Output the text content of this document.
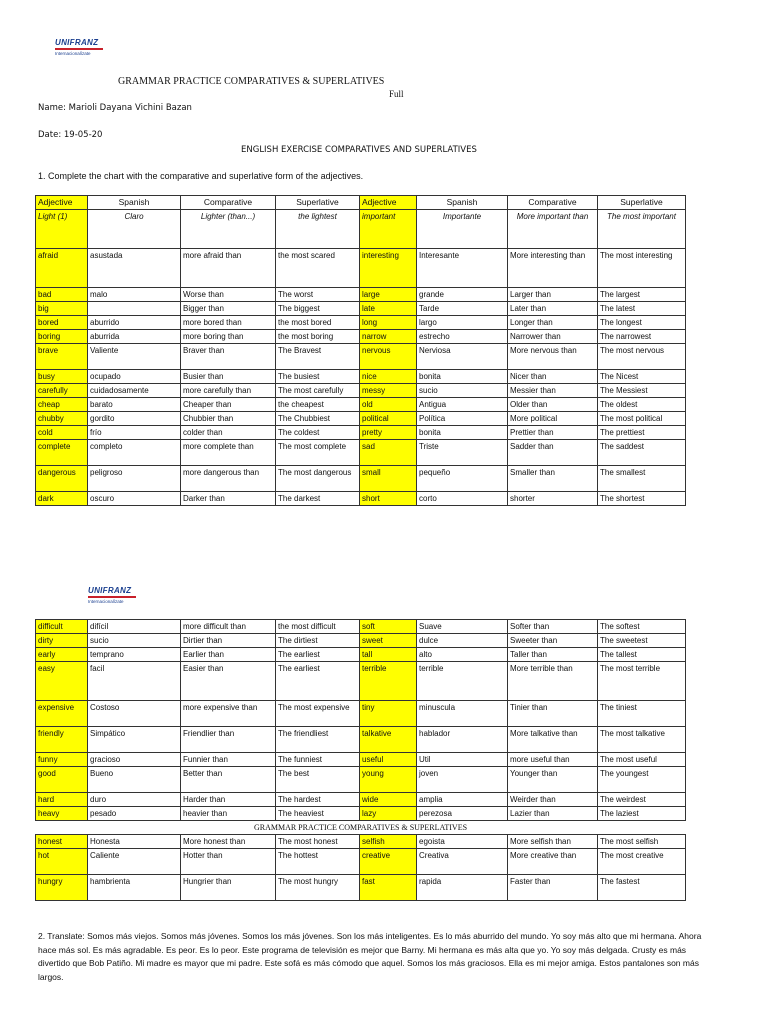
UNIFRANZ
Internacionalízate
GRAMMAR PRACTICE COMPARATIVES & SUPERLATIVES
Full
Name: Marioli Dayana Vichini Bazan
Date: 19-05-20
ENGLISH EXERCISE COMPARATIVES AND SUPERLATIVES
1. Complete the chart with the comparative and superlative form of the adjectives.
Adjective	Spanish	Comparative	Superlative	Adjective	Spanish	Comparative	Superlative
Light (1)	Claro	Lighter (than...)	the lightest	important	Importante	More important than	The most important
afraid	asustada	more afraid than	the most scared	interesting	Interesante	More interesting than	The most interesting
bad	malo	Worse than	The worst	large	grande	Larger than	The largest
big		Bigger than	The biggest	late	Tarde	Later than	The latest
bored	aburrido	more bored than	the most bored	long	largo	Longer than	The longest
boring	aburrida	more boring than	the most boring	narrow	estrecho	Narrower than	The narrowest
brave	Valiente	Braver than	The Bravest	nervous	Nerviosa	More nervous than	The most nervous
busy	ocupado	Busier than	The busiest	nice	bonita	Nicer than	The Nicest
carefully	cuidadosamente	more carefully than	The most carefully	messy	sucio	Messier than	The Messiest
cheap	barato	Cheaper than	the cheapest	old	Antigua	Older than	The oldest
chubby	gordito	Chubbier than	The Chubbiest	political	Política	More political	The most political
cold	frío	colder than	The coldest	pretty	bonita	Prettier than	The prettiest
complete	completo	more complete than	The most complete	sad	Triste	Sadder than	The saddest
dangerous	peligroso	more dangerous than	The most dangerous	small	pequeño	Smaller than	The smallest
dark	oscuro	Darker than	The darkest	short	corto	shorter	The shortest
UNIFRANZ
Internacionalízate
difficult	difícil	more difficult than	the most difficult	soft	Suave	Softer than	The softest
dirty	sucio	Dirtier than	The dirtiest	sweet	dulce	Sweeter than	The sweetest
early	temprano	Earlier than	The earliest	tall	alto	Taller than	The tallest
easy	facil	Easier than	The earliest	terrible	terrible	More terrible than	The most terrible
expensive	Costoso	more expensive than	The most expensive	tiny	minuscula	Tinier than	The tiniest
friendly	Simpático	Friendlier than	The friendliest	talkative	hablador	More talkative than	The most talkative
funny	gracioso	Funnier than	The funniest	useful	Util	more useful than	The most useful
good	Bueno	Better than	The best	young	joven	Younger than	The youngest
hard	duro	Harder than	The hardest	wide	amplia	Weirder than	The weirdest
heavy	pesado	heavier than	The heaviest	lazy	perezosa	Lazier than	The laziest
GRAMMAR PRACTICE COMPARATIVES & SUPERLATIVES							
honest	Honesta	More honest than	The most honest	selfish	egoista	More selfish than	The most selfish
hot	Caliente	Hotter than	The hottest	creative	Creativa	More creative than	The most creative
hungry	hambrienta	Hungrier than	The most hungry	fast	rapida	Faster than	The fastest
2. Translate: Somos más viejos. Somos más jóvenes. Somos los más jóvenes. Son los más inteligentes. Es lo más aburrido del mundo. Yo soy más alto que mi hermana. Ahora hace más sol. Es más agradable. Es peor. Es lo peor. Este programa de televisión es mejor que Barny. Mi hermana es más alta que yo. Yo soy más delgada. Crusty es más divertido que Bob Patiño. Mi madre es mayor que mi padre. Este sofá es más cómodo que aquel. Somos los más graciosos. Ella es mi mejor amiga. Estos pantalones son más largos.
